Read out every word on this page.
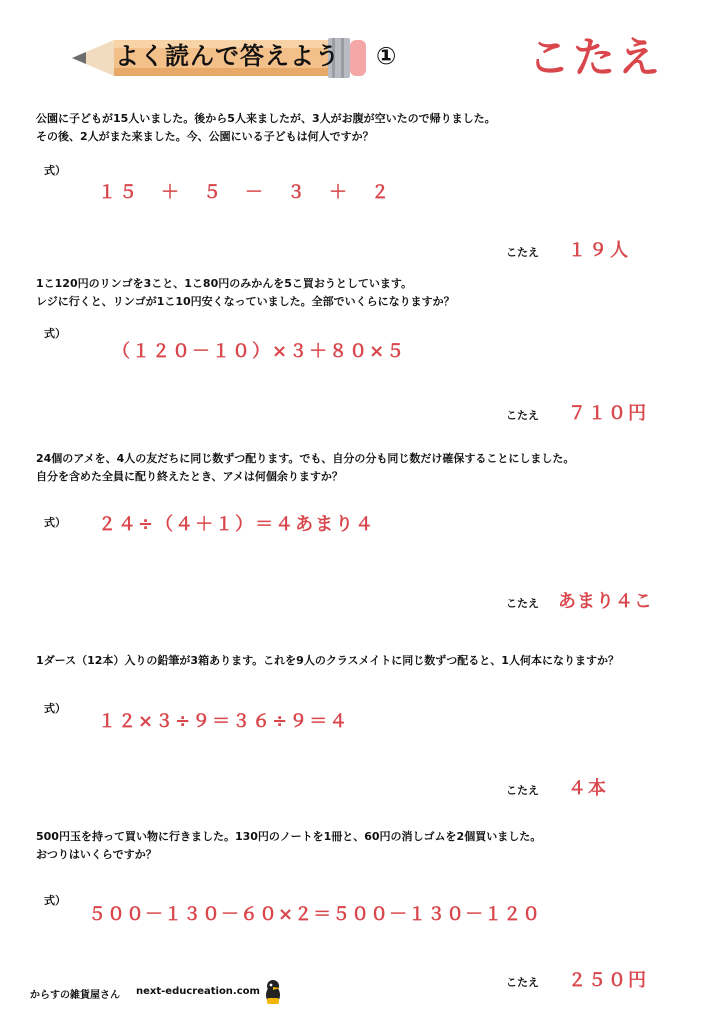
よく読んで答えよう	①	こたえ
公園に子どもが15人いました。後から5人来ましたが、3人がお腹が空いたので帰りました。
その後、2人がまた来ました。今、公園にいる子どもは何人ですか？
式）
１５　＋　５　－　３　＋　２
こたえ １９人
1こ120円のリンゴを3こと、1こ80円のみかんを5こ買おうとしています。
レジに行くと、リンゴが1こ10円安くなっていました。全部でいくらになりますか？
式）
（１２０－１０）×３＋８０×５
こたえ ７１０円
24個のアメを、4人の友だちに同じ数ずつ配ります。でも、自分の分も同じ数だけ確保することにしました。
自分を含めた全員に配り終えたとき、アメは何個余りますか？
式） ２４÷（４＋１）＝４あまり４
こたえ あまり４こ
1ダース（12本）入りの鉛筆が3箱あります。これを9人のクラスメイトに同じ数ずつ配ると、1人何本になりますか？
式）
１２×３÷９＝３６÷９＝４
こたえ ４本
500円玉を持って買い物に行きました。130円のノートを1冊と、60円の消しゴムを2個買いました。
おつりはいくらですか？
式）
５００－１３０－６０×２＝５００－１３０－１２０
こたえ ２５０円
からすの雑貨屋さん next-educreation.com
